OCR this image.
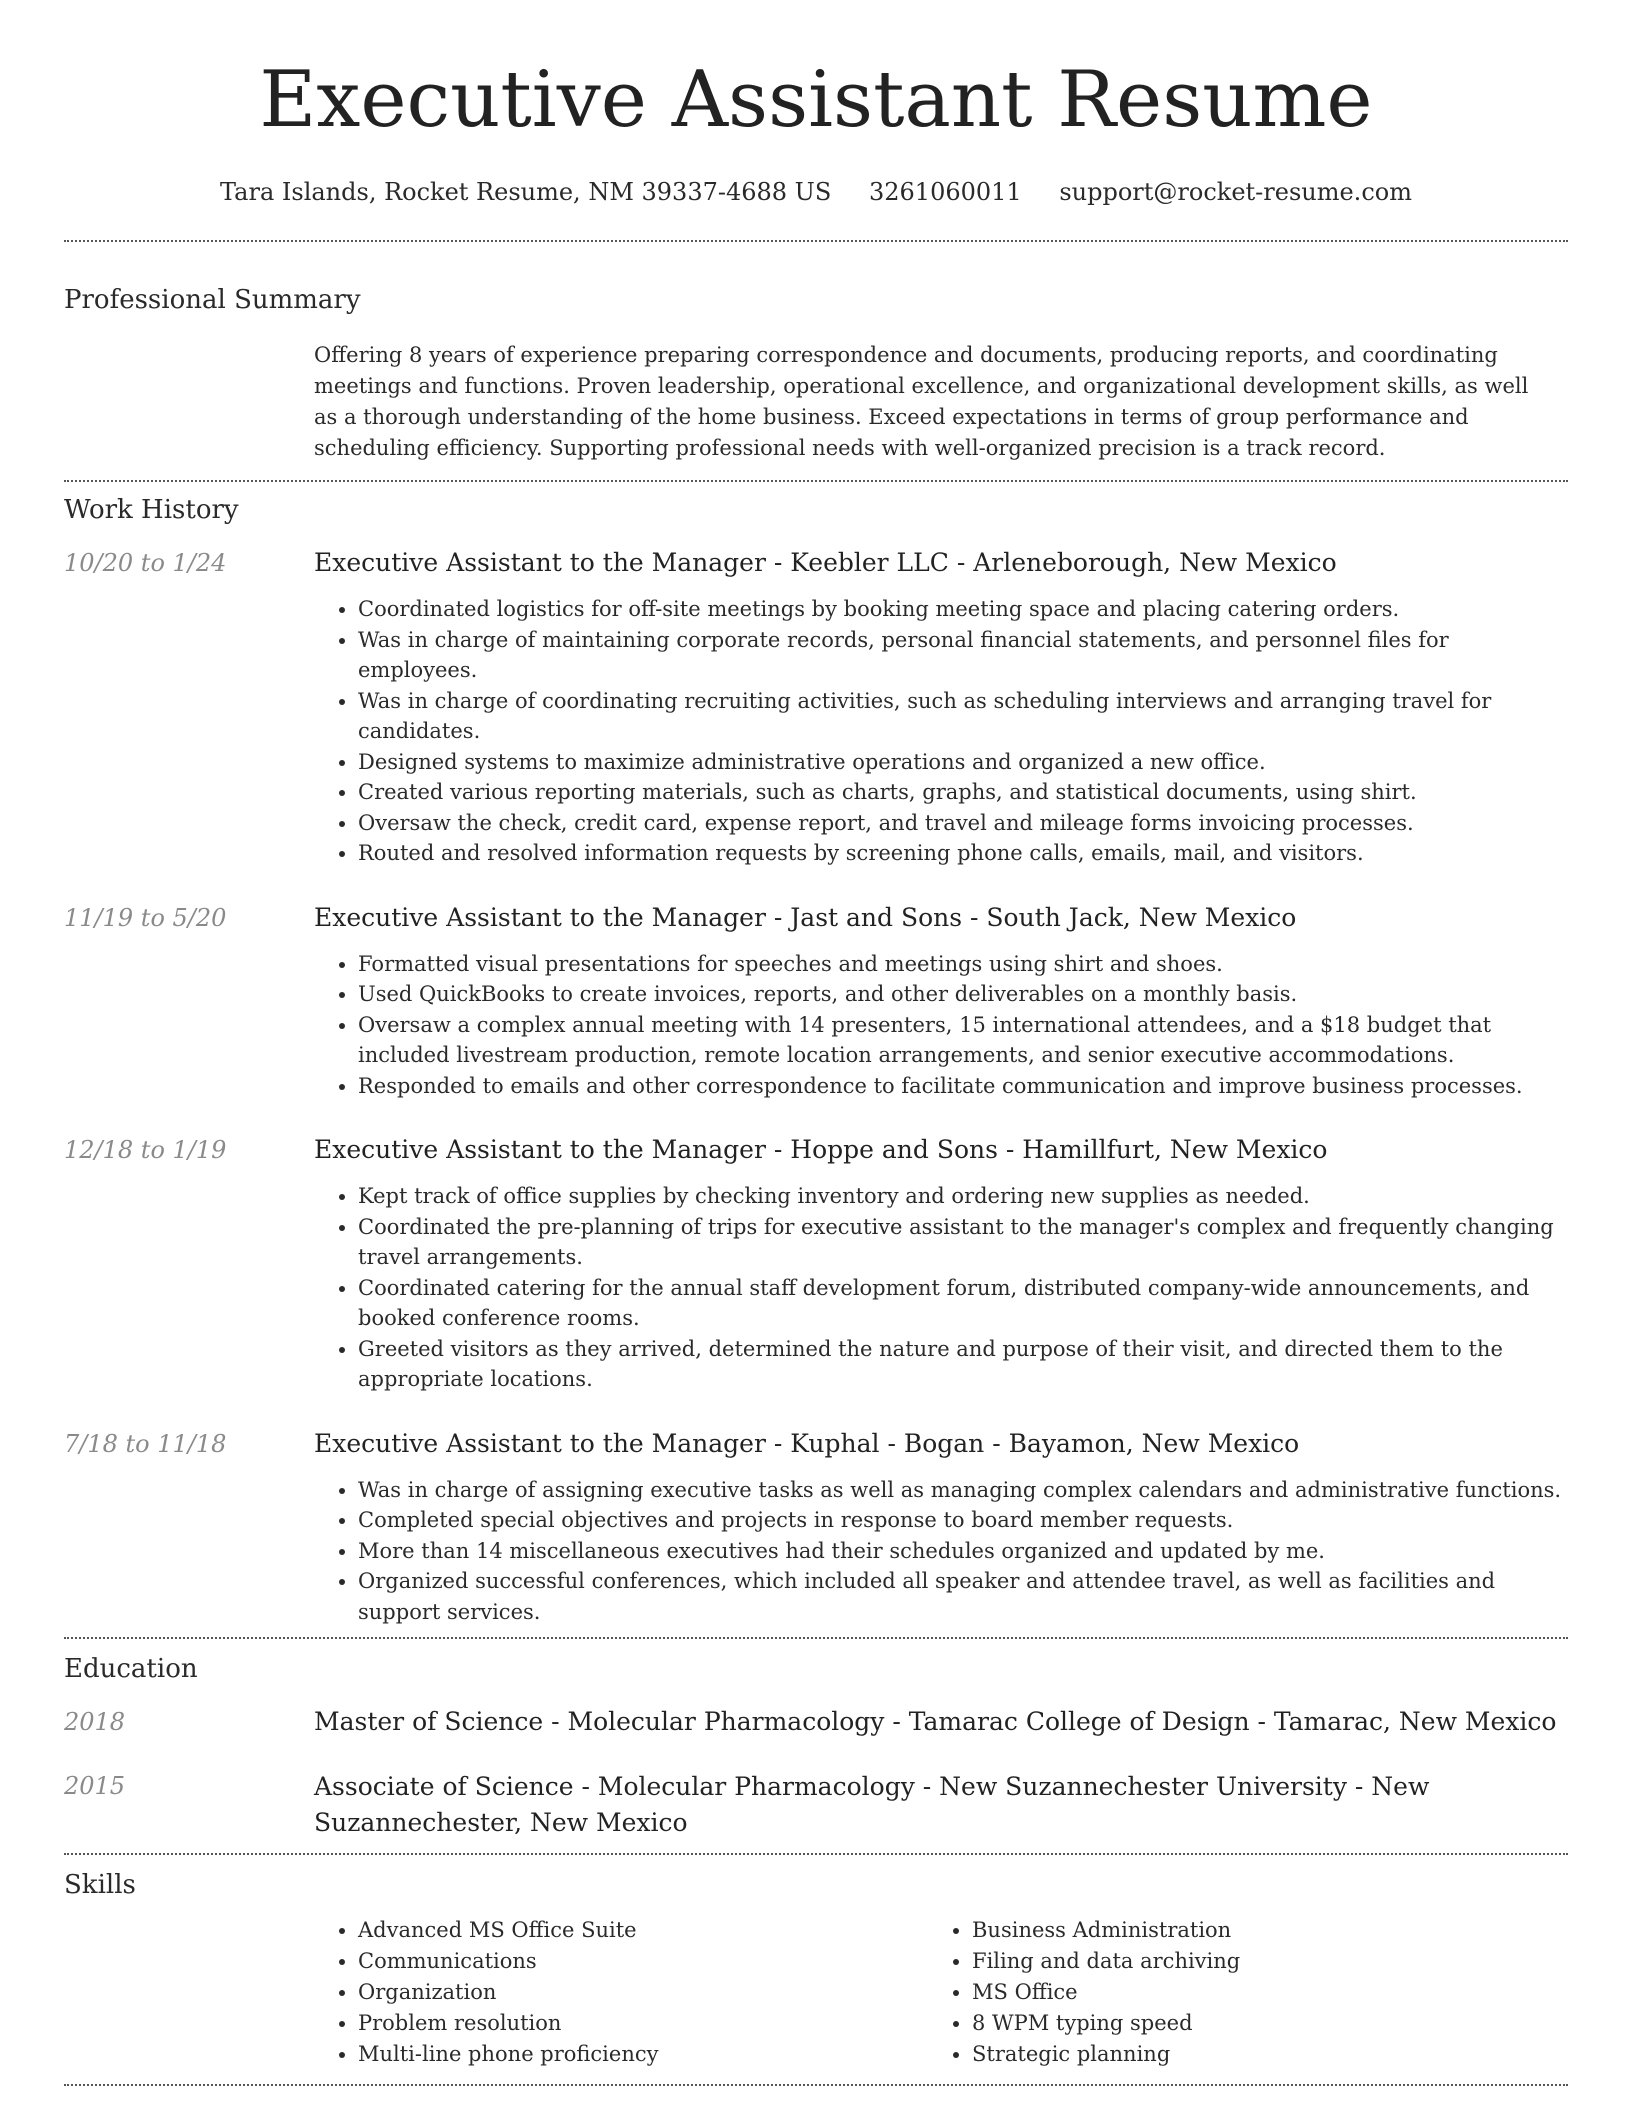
Executive Assistant Resume
Tara Islands, Rocket Resume, NM 39337-4688 US 3261060011 support@rocket-resume.com
Professional Summary

Offering 8 years of experience preparing correspondence and documents, producing reports, and coordinating meetings and functions. Proven leadership, operational excellence, and organizational development skills, as well as a thorough understanding of the home business. Exceed expectations in terms of group performance and scheduling efficiency. Supporting professional needs with well-organized precision is a track record.

Work History
10/20 to 1/24	Executive Assistant to the Manager - Keebler LLC - Arleneborough, New Mexico
• Coordinated logistics for off-site meetings by booking meeting space and placing catering orders.
• Was in charge of maintaining corporate records, personal financial statements, and personnel files for employees.
• Was in charge of coordinating recruiting activities, such as scheduling interviews and arranging travel for candidates.
• Designed systems to maximize administrative operations and organized a new office.
• Created various reporting materials, such as charts, graphs, and statistical documents, using shirt.
• Oversaw the check, credit card, expense report, and travel and mileage forms invoicing processes.
• Routed and resolved information requests by screening phone calls, emails, mail, and visitors.
11/19 to 5/20	Executive Assistant to the Manager - Jast and Sons - South Jack, New Mexico
• Formatted visual presentations for speeches and meetings using shirt and shoes.
• Used QuickBooks to create invoices, reports, and other deliverables on a monthly basis.
• Oversaw a complex annual meeting with 14 presenters, 15 international attendees, and a $18 budget that included livestream production, remote location arrangements, and senior executive accommodations.
• Responded to emails and other correspondence to facilitate communication and improve business processes.
12/18 to 1/19	Executive Assistant to the Manager - Hoppe and Sons - Hamillfurt, New Mexico
• Kept track of office supplies by checking inventory and ordering new supplies as needed.
• Coordinated the pre-planning of trips for executive assistant to the manager's complex and frequently changing travel arrangements.
• Coordinated catering for the annual staff development forum, distributed company-wide announcements, and booked conference rooms.
• Greeted visitors as they arrived, determined the nature and purpose of their visit, and directed them to the appropriate locations.
7/18 to 11/18	Executive Assistant to the Manager - Kuphal - Bogan - Bayamon, New Mexico
• Was in charge of assigning executive tasks as well as managing complex calendars and administrative functions.
• Completed special objectives and projects in response to board member requests.
• More than 14 miscellaneous executives had their schedules organized and updated by me.
• Organized successful conferences, which included all speaker and attendee travel, as well as facilities and support services.
Education
2018	Master of Science - Molecular Pharmacology - Tamarac College of Design - Tamarac, New Mexico
2015	Associate of Science - Molecular Pharmacology - New Suzannechester University - New Suzannechester, New Mexico
Skills
• Advanced MS Office Suite
• Communications
• Organization
• Problem resolution
• Multi-line phone proficiency
• Business Administration
• Filing and data archiving
• MS Office
• 8 WPM typing speed
• Strategic planning
